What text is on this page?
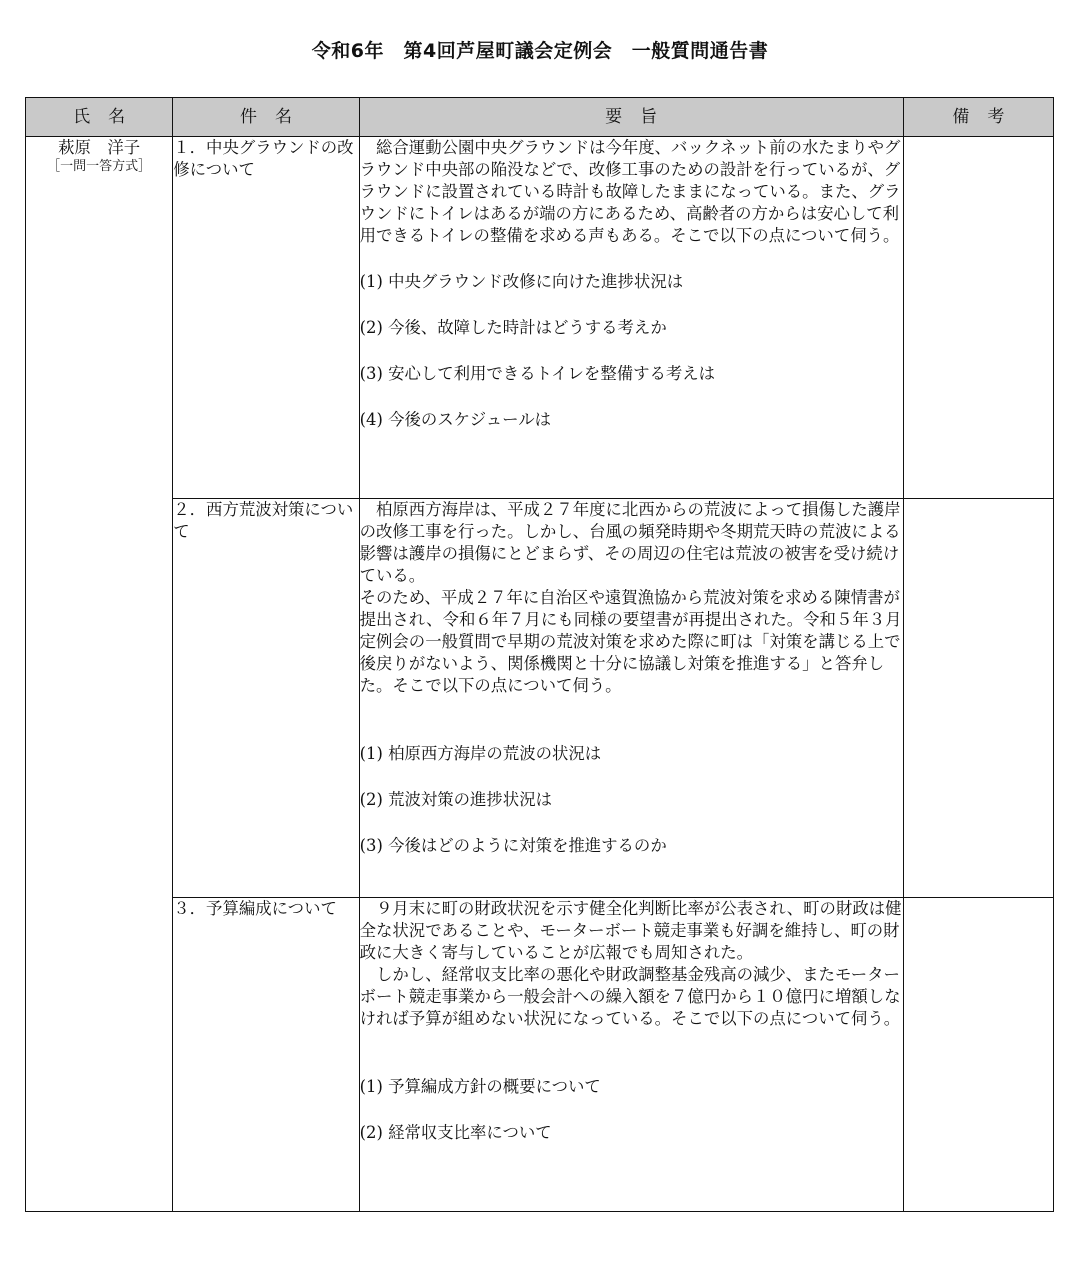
令和6年　第4回芦屋町議会定例会　一般質問通告書
氏名	件名	要旨	備考

萩原　洋子
［一問一答方式］	１．中央グラウンドの改修について	　総合運動公園中央グラウンドは今年度、バックネット前の水たまりやグラウンド中央部の陥没などで、改修工事のための設計を行っているが、グラウンドに設置されている時計も故障したままになっている。また、グラウンドにトイレはあるが端の方にあるため、高齢者の方からは安心して利用できるトイレの整備を求める声もある。そこで以下の点について伺う。
(1) 中央グラウンド改修に向けた進捗状況は
(2) 今後、故障した時計はどうする考えか
(3) 安心して利用できるトイレを整備する考えは
(4) 今後のスケジュールは	

	２．西方荒波対策について	　柏原西方海岸は、平成２７年度に北西からの荒波によって損傷した護岸の改修工事を行った。しかし、台風の頻発時期や冬期荒天時の荒波による影響は護岸の損傷にとどまらず、その周辺の住宅は荒波の被害を受け続けている。
そのため、平成２７年に自治区や遠賀漁協から荒波対策を求める陳情書が提出され、令和６年７月にも同様の要望書が再提出された。令和５年３月定例会の一般質問で早期の荒波対策を求めた際に町は「対策を講じる上で後戻りがないよう、関係機関と十分に協議し対策を推進する」と答弁した。そこで以下の点について伺う。
(1) 柏原西方海岸の荒波の状況は
(2) 荒波対策の進捗状況は
(3) 今後はどのように対策を推進するのか	

	３．予算編成について	　９月末に町の財政状況を示す健全化判断比率が公表され、町の財政は健全な状況であることや、モーターボート競走事業も好調を維持し、町の財政に大きく寄与していることが広報でも周知された。
　しかし、経常収支比率の悪化や財政調整基金残高の減少、またモーターボート競走事業から一般会計への繰入額を７億円から１０億円に増額しなければ予算が組めない状況になっている。そこで以下の点について伺う。
(1) 予算編成方針の概要について
(2) 経常収支比率について	
